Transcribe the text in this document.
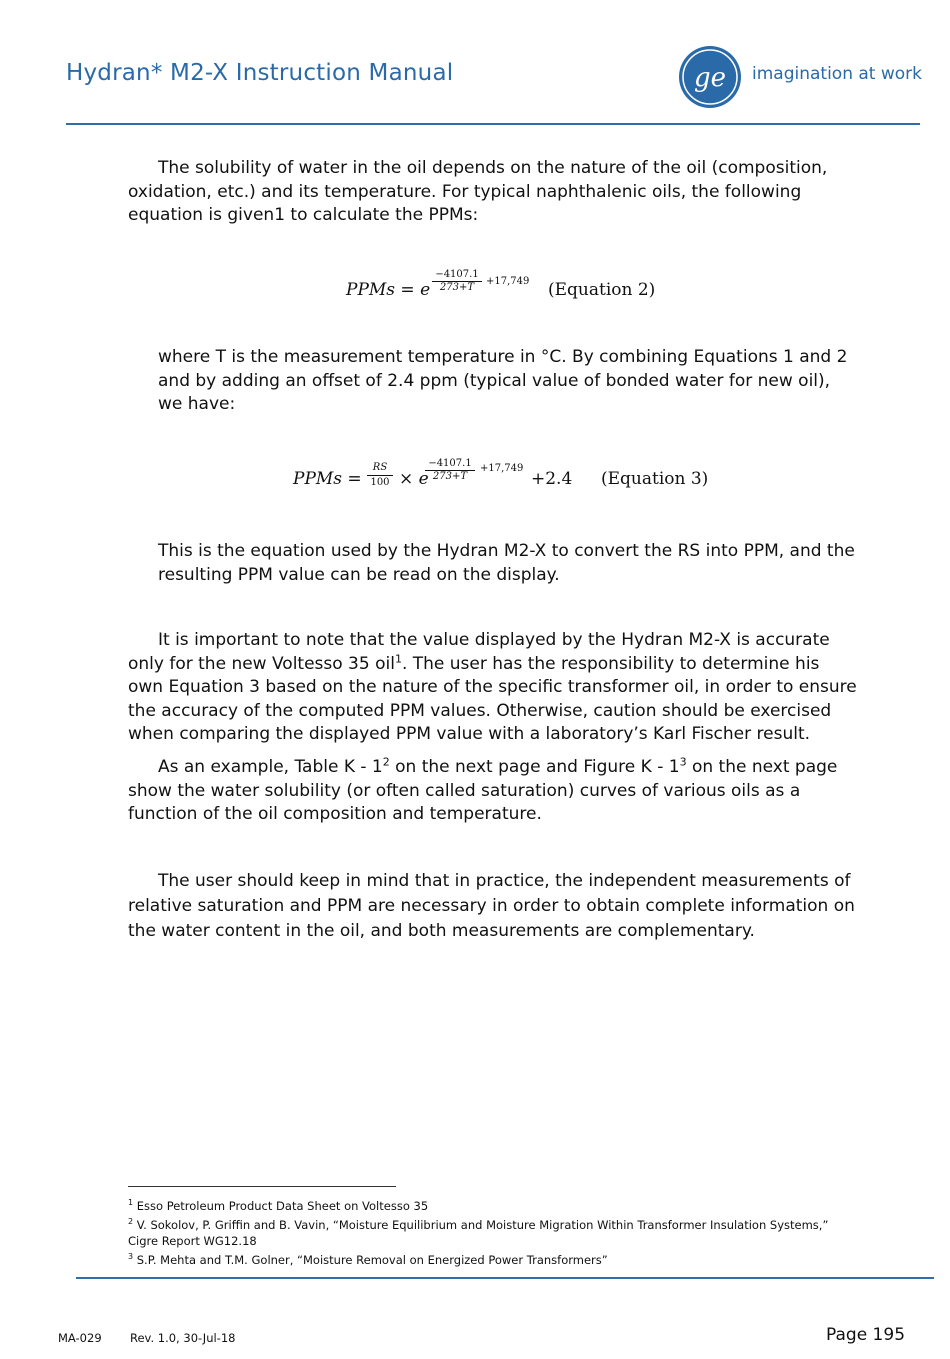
Hydran* M2-X Instruction Manual	ge imagination at work

The solubility of water in the oil depends on the nature of the oil (composition, oxidation, etc.) and its temperature. For typical naphthalenic oils, the following equation is given1 to calculate the PPMs:

PPMs = e $\frac{-4107.1}{273+T} +17,749$ (Equation 2)

where T is the measurement temperature in °C. By combining Equations 1 and 2 and by adding an offset of 2.4 ppm (typical value of bonded water for new oil), we have:

PPMs = $\frac{RS}{100} \times e$
$\frac{-4107.1}{273+T} +17,749$
+2.4 (Equation 3)

This is the equation used by the Hydran M2-X to convert the RS into PPM, and the resulting PPM value can be read on the display.

It is important to note that the value displayed by the Hydran M2-X is accurate only for the new Voltesso 35 oil$^1$. The user has the responsibility to determine his own Equation 3 based on the nature of the specific transformer oil, in order to ensure the accuracy of the computed PPM values. Otherwise, caution should be exercised when comparing the displayed PPM value with a laboratory’s Karl Fischer result.

As an example, Table K - 1$^2$ on the next page and Figure K - 1$^3$ on the next page show the water solubility (or often called saturation) curves of various oils as a function of the oil composition and temperature.

The user should keep in mind that in practice, the independent measurements of relative saturation and PPM are necessary in order to obtain complete information on the water content in the oil, and both measurements are complementary.

$^1$ Esso Petroleum Product Data Sheet on Voltesso 35

$^2$ V. Sokolov, P. Griffin and B. Vavin, “Moisture Equilibrium and Moisture Migration Within Transformer Insulation Systems,” Cigre Report WG12.18

$^3$ S.P. Mehta and T.M. Golner, “Moisture Removal on Energized Power Transformers”

MA-029 Rev. 1.0, 30-Jul-18	Page 195
